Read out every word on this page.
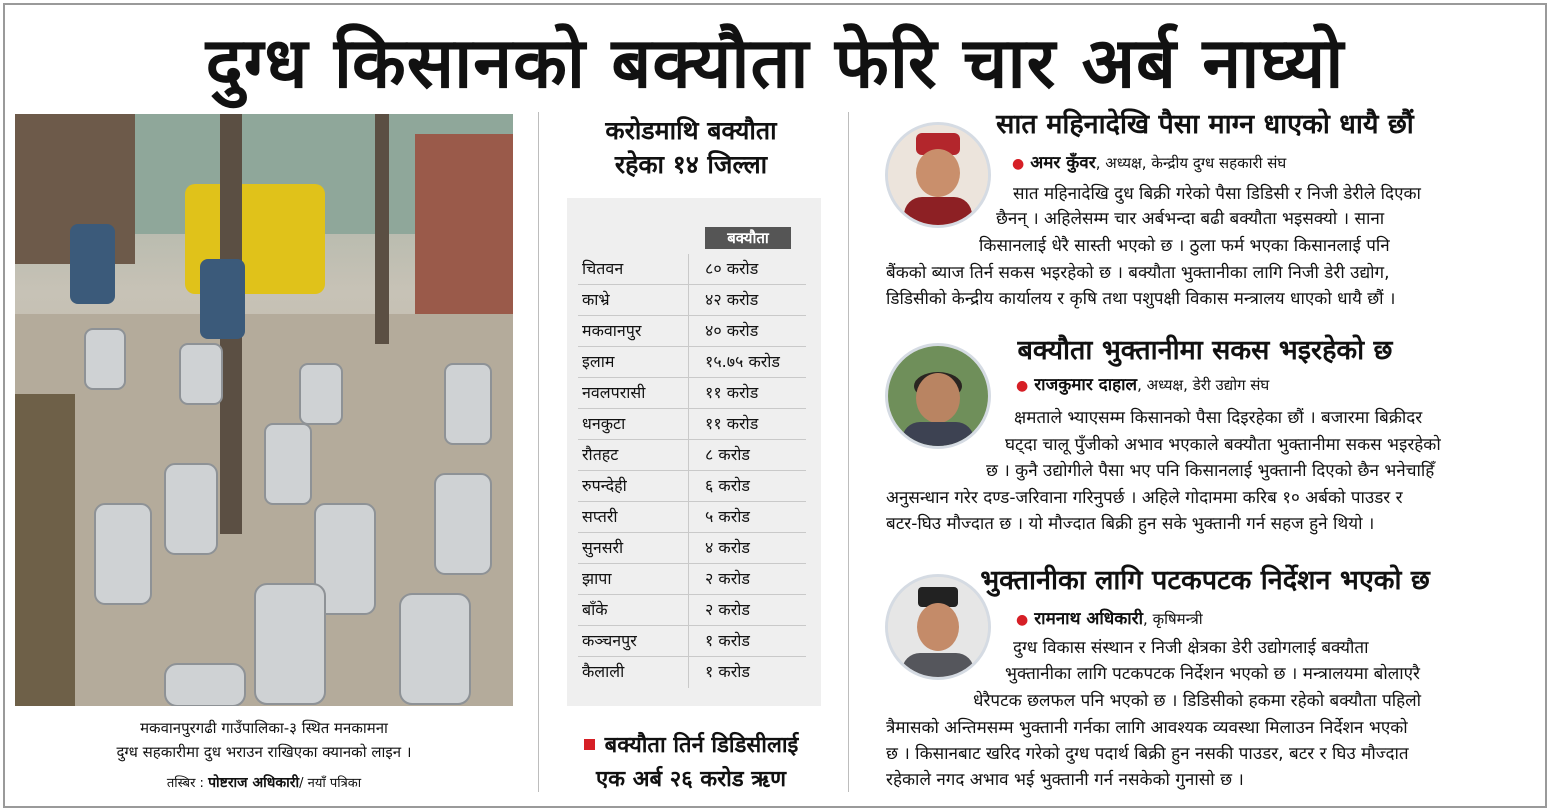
दुग्ध किसानको बक्यौता फेरि चार अर्ब नाघ्यो
मकवानपुरगढी गाउँपालिका-३ स्थित मनकामना
दुग्ध सहकारीमा दुध भराउन राखिएका क्यानको लाइन ।
तस्बिर : पोष्टराज अधिकारी/ नयाँ पत्रिका
करोडमाथि बक्यौता
रहेका १४ जिल्ला
बक्यौता
चितवन	८० करोड
काभ्रे	४२ करोड
मकवानपुर	४० करोड
इलाम	१५.७५ करोड
नवलपरासी	११ करोड
धनकुटा	११ करोड
रौतहट	८ करोड
रुपन्देही	६ करोड
सप्तरी	५ करोड
सुनसरी	४ करोड
झापा	२ करोड
बाँके	२ करोड
कञ्चनपुर	१ करोड
कैलाली	१ करोड
बक्यौता तिर्न डिडिसीलाई
एक अर्ब २६ करोड ऋण
सात महिनादेखि पैसा माग्न धाएको धायै छौं
● अमर कुँवर, अध्यक्ष, केन्द्रीय दुग्ध सहकारी संघ
सात महिनादेखि दुध बिक्री गरेको पैसा डिडिसी र निजी डेरीले दिएका
छैनन् । अहिलेसम्म चार अर्बभन्दा बढी बक्यौता भइसक्यो । साना
किसानलाई धेरै सास्ती भएको छ । ठुला फर्म भएका किसानलाई पनि
बैंकको ब्याज तिर्न सकस भइरहेको छ । बक्यौता भुक्तानीका लागि निजी डेरी उद्योग,
डिडिसीको केन्द्रीय कार्यालय र कृषि तथा पशुपक्षी विकास मन्त्रालय धाएको धायै छौं ।
बक्यौता भुक्तानीमा सकस भइरहेको छ
● राजकुमार दाहाल, अध्यक्ष, डेरी उद्योग संघ
क्षमताले भ्याएसम्म किसानको पैसा दिइरहेका छौं । बजारमा बिक्रीदर
घट्दा चालू पुँजीको अभाव भएकाले बक्यौता भुक्तानीमा सकस भइरहेको
छ । कुनै उद्योगीले पैसा भए पनि किसानलाई भुक्तानी दिएको छैन भनेचाहिँ
अनुसन्धान गरेर दण्ड-जरिवाना गरिनुपर्छ । अहिले गोदाममा करिब १० अर्बको पाउडर र
बटर-घिउ मौज्दात छ । यो मौज्दात बिक्री हुन सके भुक्तानी गर्न सहज हुने थियो ।
भुक्तानीका लागि पटकपटक निर्देशन भएको छ
● रामनाथ अधिकारी, कृषिमन्त्री
दुग्ध विकास संस्थान र निजी क्षेत्रका डेरी उद्योगलाई बक्यौता
भुक्तानीका लागि पटकपटक निर्देशन भएको छ । मन्त्रालयमा बोलाएरै
धेरैपटक छलफल पनि भएको छ । डिडिसीको हकमा रहेको बक्यौता पहिलो
त्रैमासको अन्तिमसम्म भुक्तानी गर्नका लागि आवश्यक व्यवस्था मिलाउन निर्देशन भएको
छ । किसानबाट खरिद गरेको दुग्ध पदार्थ बिक्री हुन नसकी पाउडर, बटर र घिउ मौज्दात
रहेकाले नगद अभाव भई भुक्तानी गर्न नसकेको गुनासो छ ।
